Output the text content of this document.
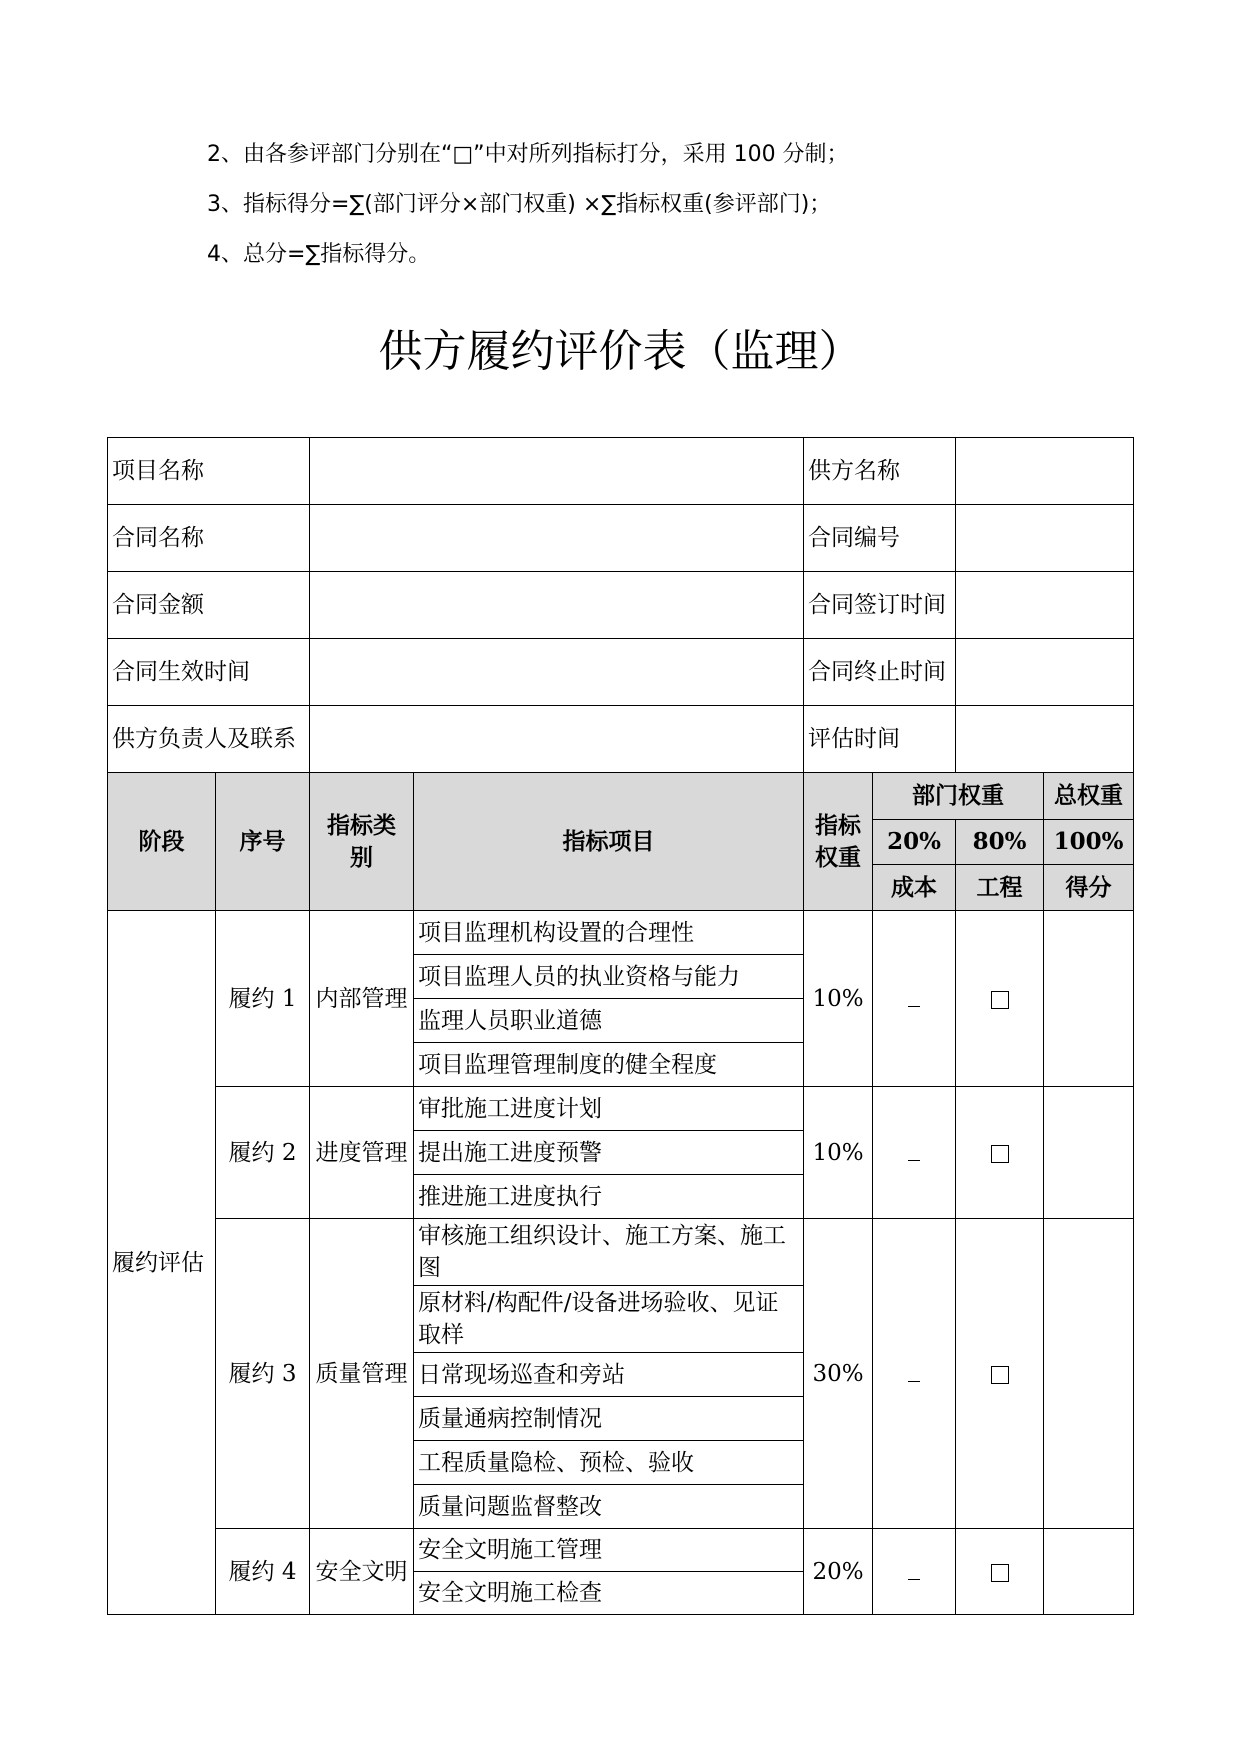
2、由各参评部门分别在“□”中对所列指标打分，采用 100 分制；
3、指标得分=∑(部门评分×部门权重) ×∑指标权重(参评部门)；
4、总分=∑指标得分。
供方履约评价表（监理）
项目名称				供方名称			
合同名称				合同编号			
合同金额				合同签订时间			
合同生效时间				合同终止时间			
供方负责人及联系				评估时间			
阶段	序号	指标类别	指标项目	指标权重	部门权重		总权重
					20%	80%	100%
					成本	工程	得分
履约评估	履约 1	内部管理	项目监理机构设置的合理性	10%			
			项目监理人员的执业资格与能力				
			监理人员职业道德				
			项目监理管理制度的健全程度				
	履约 2	进度管理	审批施工进度计划	10%			
			提出施工进度预警				
			推进施工进度执行				
	履约 3	质量管理	审核施工组织设计、施工方案、施工图	30%			
			原材料/构配件/设备进场验收、见证取样				
			日常现场巡查和旁站				
			质量通病控制情况				
			工程质量隐检、预检、验收				
			质量问题监督整改				
	履约 4	安全文明	安全文明施工管理	20%			
			安全文明施工检查				
